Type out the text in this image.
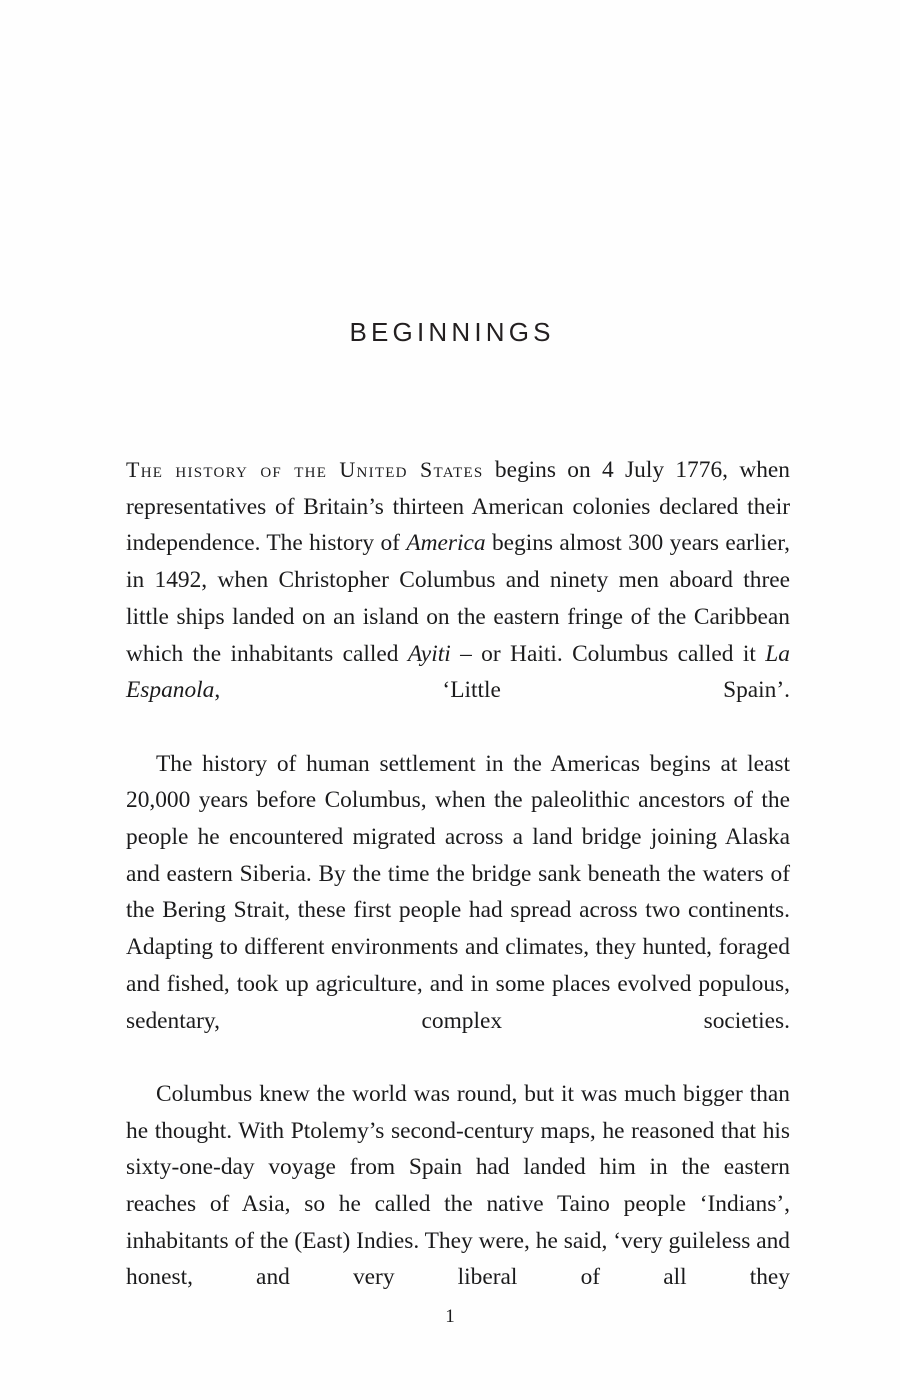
BEGINNINGS

The history of the United States begins on 4 July 1776, when representatives of Britain’s thirteen American colonies declared their independence. The history of America begins almost 300 years earlier, in 1492, when Christopher Columbus and ninety men aboard three little ships landed on an island on the eastern fringe of the Caribbean which the inhabitants called Ayiti – or Haiti. Columbus called it La Espanola, ‘Little Spain’.

The history of human settlement in the Americas begins at least 20,000 years before Columbus, when the paleolithic ancestors of the people he encountered migrated across a land bridge joining Alaska and eastern Siberia. By the time the bridge sank beneath the waters of the Bering Strait, these first people had spread across two continents. Adapting to different environments and climates, they hunted, foraged and fished, took up agriculture, and in some places evolved populous, sedentary, complex societies.

Columbus knew the world was round, but it was much bigger than he thought. With Ptolemy’s second-century maps, he reasoned that his sixty-one-day voyage from Spain had landed him in the eastern reaches of Asia, so he called the native Taino people ‘Indians’, inhabitants of the (East) Indies. They were, he said, ‘very guileless and honest, and very liberal of all they

1
